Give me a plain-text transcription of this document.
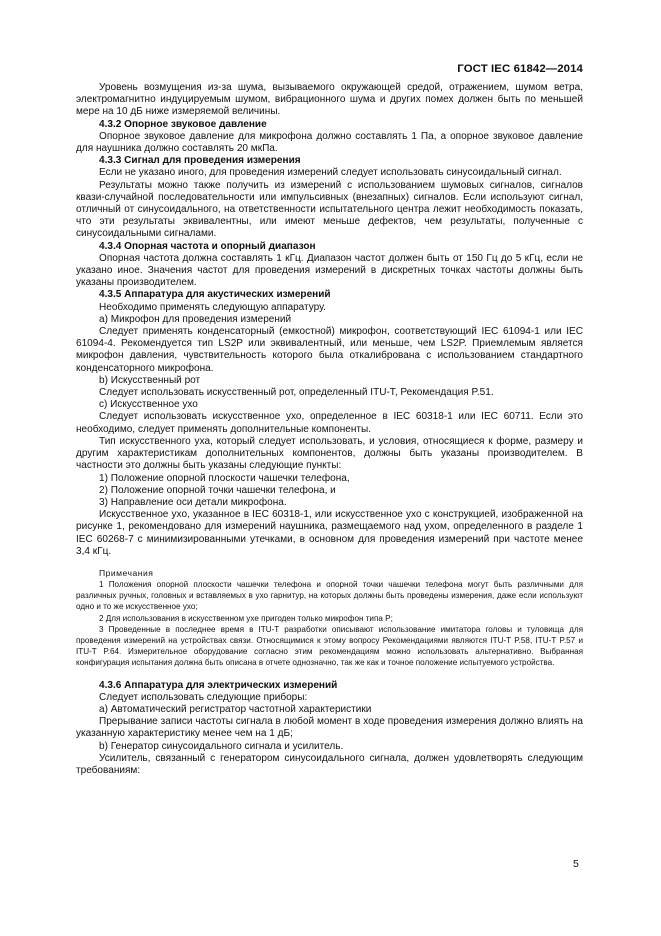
ГОСТ IEC 61842—2014

Уровень возмущения из-за шума, вызываемого окружающей средой, отражением, шумом ветра, электромагнитно индуцируемым шумом, вибрационного шума и других помех должен быть по меньшей мере на 10 дБ ниже измеряемой величины.

4.3.2 Опорное звуковое давление

Опорное звуковое давление для микрофона должно составлять 1 Па, а опорное звуковое давление для наушника должно составлять 20 мкПа.

4.3.3 Сигнал для проведения измерения

Если не указано иного, для проведения измерений следует использовать синусоидальный сигнал.

Результаты можно также получить из измерений с использованием шумовых сигналов, сигналов квази-случайной последовательности или импульсивных (внезапных) сигналов. Если используют сигнал, отличный от синусоидального, на ответственности испытательного центра лежит необходимость показать, что эти результаты эквивалентны, или имеют меньше дефектов, чем результаты, полученные с синусоидальными сигналами.

4.3.4 Опорная частота и опорный диапазон

Опорная частота должна составлять 1 кГц. Диапазон частот должен быть от 150 Гц до 5 кГц, если не указано иное. Значения частот для проведения измерений в дискретных точках частоты должны быть указаны производителем.

4.3.5 Аппаратура для акустических измерений

Необходимо применять следующую аппаратуру.

a) Микрофон для проведения измерений

Следует применять конденсаторный (емкостной) микрофон, соответствующий IEC 61094-1 или IEC 61094-4. Рекомендуется тип LS2P или эквивалентный, или меньше, чем LS2P. Приемлемым является микрофон давления, чувствительность которого была откалиброванa с использованием стандартного конденсаторного микрофона.

b) Искусственный рот

Следует использовать искусственный рот, определенный ITU-T, Рекомендация P.51.

c) Искусственное ухо

Следует использовать искусственное ухо, определенное в IEC 60318-1 или IEC 60711. Если это необходимо, следует применять дополнительные компоненты.

Тип искусственного уха, который следует использовать, и условия, относящиеся к форме, размеру и другим характеристикам дополнительных компонентов, должны быть указаны производителем. В частности это должны быть указаны следующие пункты:

1) Положение опорной плоскости чашечки телефона,

2) Положение опорной точки чашечки телефона, и

3) Направление оси детали микрофона.

Искусственное ухо, указанное в IEC 60318-1, или искусственное ухо с конструкцией, изображенной на рисунке 1, рекомендовано для измерений наушника, размещаемого над ухом, определенного в разделе 1 IEC 60268-7 с минимизированными утечками, в основном для проведения измерений при частоте менее 3,4 кГц.

Примечания

1 Положения опорной плоскости чашечки телефона и опорной точки чашечки телефона могут быть различными для различных ручных, головных и вставляемых в ухо гарнитур, на которых должны быть проведены измерения, даже если используют одно и то же искусственное ухо;

2 Для использования в искусственном ухе пригоден только микрофон типа P;

3 Проведенные в последнее время в ITU-T разработки описывают использование имитатора головы и туловища для проведения измерений на устройствах связи. Относящимися к этому вопросу Рекомендациями являются ITU-T P.58, ITU-T P.57 и ITU-T P.64. Измерительное оборудование согласно этим рекомендациям можно использовать альтернативно. Выбранная конфигурация испытания должна быть описана в отчете однозначно, так же как и точное положение испытуемого устройства.

4.3.6 Аппаратура для электрических измерений

Следует использовать следующие приборы:

a) Автоматический регистратор частотной характеристики

Прерывание записи частоты сигнала в любой момент в ходе проведения измерения должно влиять на указанную характеристику менее чем на 1 дБ;

b) Генератор синусоидального сигнала и усилитель.

Усилитель, связанный с генератором синусоидального сигнала, должен удовлетворять следующим требованиям:

5
